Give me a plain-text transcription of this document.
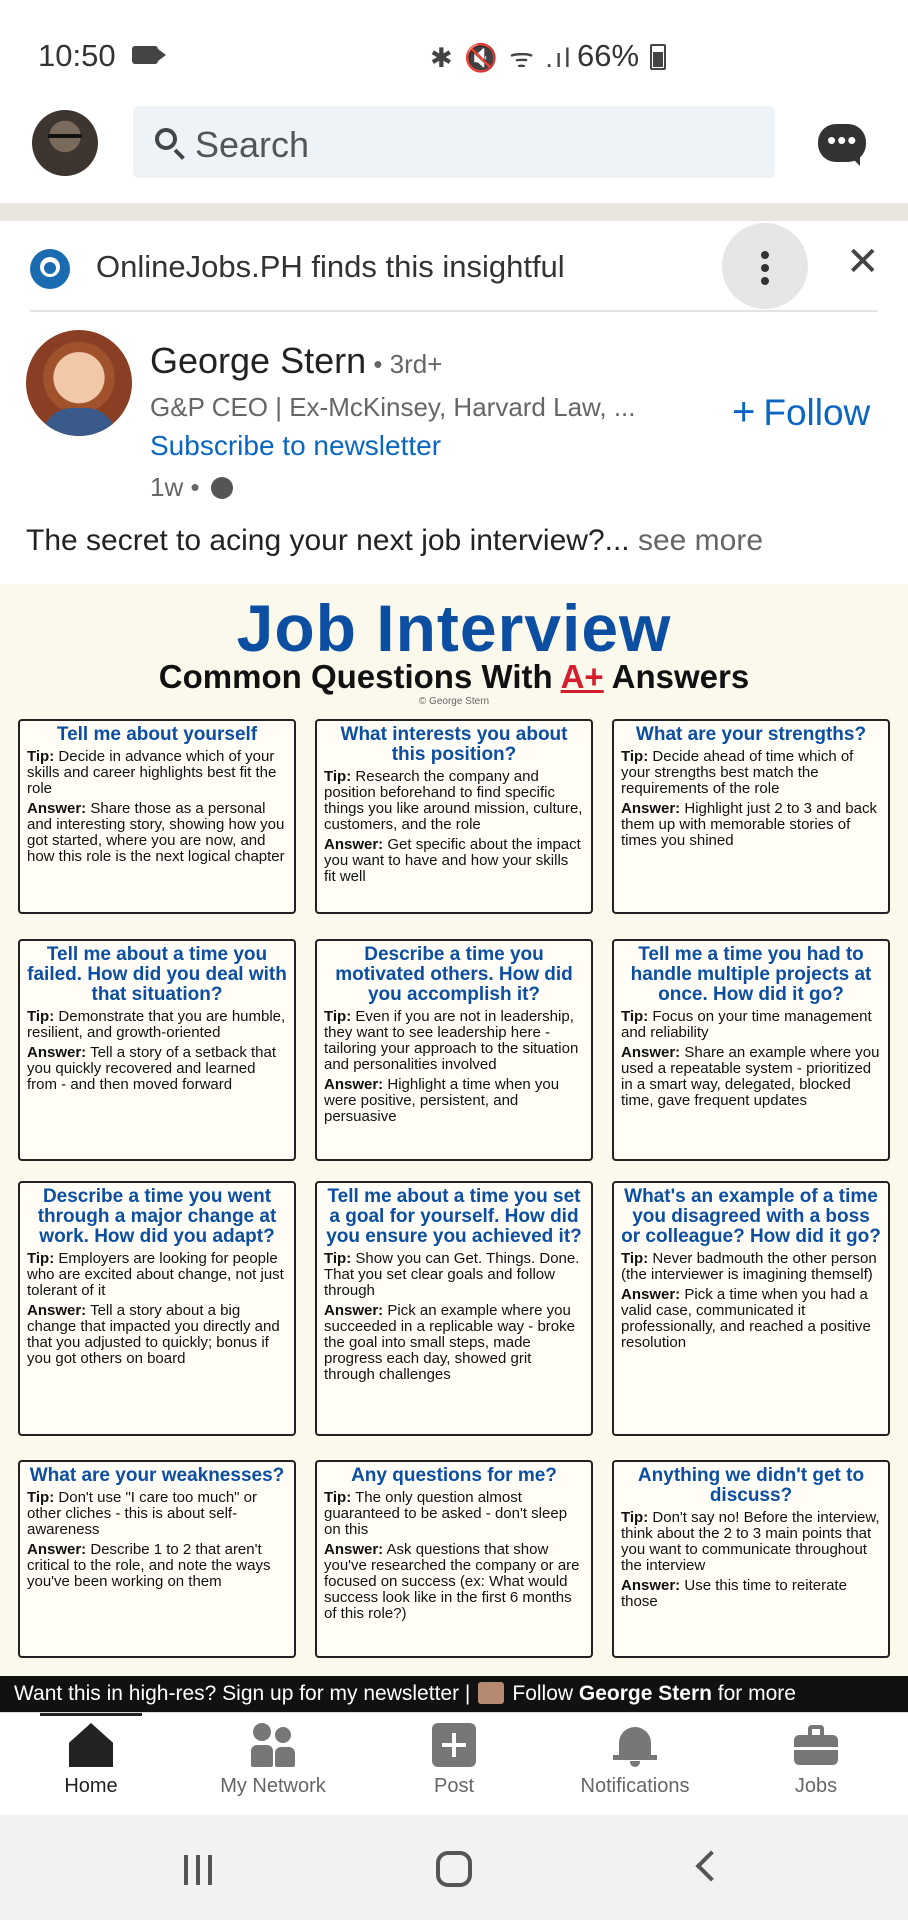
10:50	✱ 🔇 ᯤ .ıl 66%
Search	•••
OnlineJobs.PH finds this insightful	✕
George Stern • 3rd+
G&P CEO | Ex-McKinsey, Harvard Law, ...
Subscribe to newsletter
1w •
+ Follow
The secret to acing your next job interview?... see more
Job Interview
Common Questions With A+ Answers
© George Stern
Tell me about yourself

Tip: Decide in advance which of your skills and career highlights best fit the role

Answer: Share those as a personal and interesting story, showing how you got started, where you are now, and how this role is the next logical chapter

What interests you about this position?

Tip: Research the company and position beforehand to find specific things you like around mission, culture, customers, and the role

Answer: Get specific about the impact you want to have and how your skills fit well

What are your strengths?

Tip: Decide ahead of time which of your strengths best match the requirements of the role

Answer: Highlight just 2 to 3 and back them up with memorable stories of times you shined

Tell me about a time you failed. How did you deal with that situation?

Tip: Demonstrate that you are humble, resilient, and growth-oriented

Answer: Tell a story of a setback that you quickly recovered and learned from - and then moved forward

Describe a time you motivated others. How did you accomplish it?

Tip: Even if you are not in leadership, they want to see leadership here - tailoring your approach to the situation and personalities involved

Answer: Highlight a time when you were positive, persistent, and persuasive

Tell me a time you had to handle multiple projects at once. How did it go?

Tip: Focus on your time management and reliability

Answer: Share an example where you used a repeatable system - prioritized in a smart way, delegated, blocked time, gave frequent updates

Describe a time you went through a major change at work. How did you adapt?

Tip: Employers are looking for people who are excited about change, not just tolerant of it

Answer: Tell a story about a big change that impacted you directly and that you adjusted to quickly; bonus if you got others on board

Tell me about a time you set a goal for yourself. How did you ensure you achieved it?

Tip: Show you can Get. Things. Done. That you set clear goals and follow through

Answer: Pick an example where you succeeded in a replicable way - broke the goal into small steps, made progress each day, showed grit through challenges

What's an example of a time you disagreed with a boss or colleague? How did it go?

Tip: Never badmouth the other person (the interviewer is imagining themself)

Answer: Pick a time when you had a valid case, communicated it professionally, and reached a positive resolution

What are your weaknesses?

Tip: Don't use "I care too much" or other cliches - this is about self-awareness

Answer: Describe 1 to 2 that aren't critical to the role, and note the ways you've been working on them

Any questions for me?

Tip: The only question almost guaranteed to be asked - don't sleep on this

Answer: Ask questions that show you've researched the company or are focused on success (ex: What would success look like in the first 6 months of this role?)

Anything we didn't get to discuss?

Tip: Don't say no! Before the interview, think about the 2 to 3 main points that you want to communicate throughout the interview

Answer: Use this time to reiterate those

Want this in high-res? Sign up for my newsletter | Follow George Stern for more
Home	My Network	Post	Notifications	Jobs
